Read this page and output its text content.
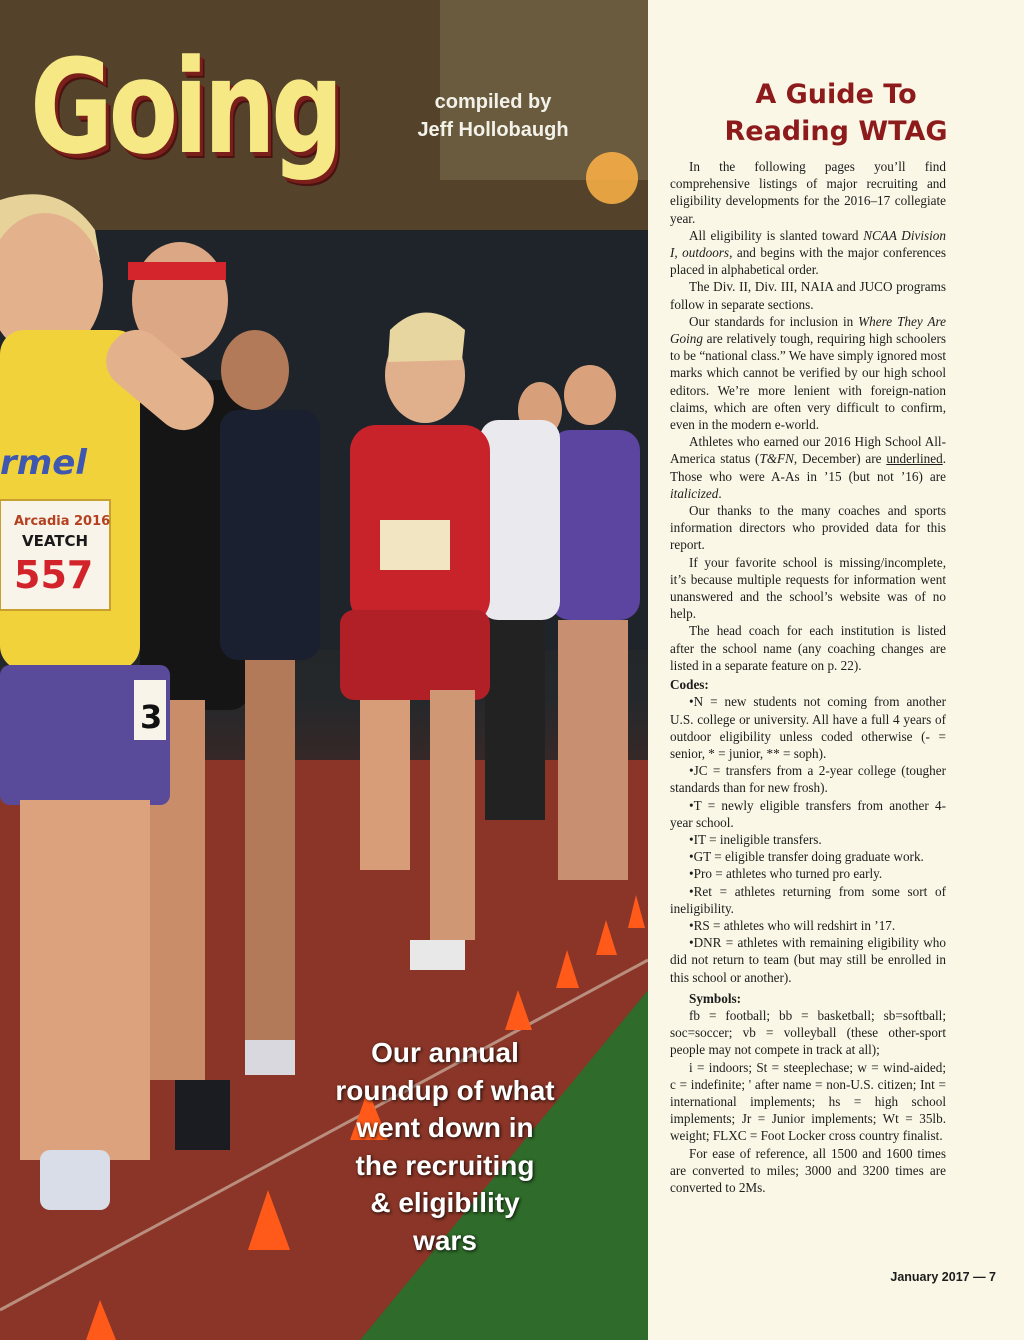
rmel
Arcadia 2016
VEATCH
557
3
Going	compiled by
Jeff Hollobaugh
Our annual
roundup of what
went down in
the recruiting
& eligibility
wars
A Guide To
Reading WTAG

In the following pages you’ll find comprehensive listings of major recruiting and eligibility developments for the 2016–17 collegiate year.

All eligibility is slanted toward NCAA Division I, outdoors, and begins with the major conferences placed in alphabetical order.

The Div. II, Div. III, NAIA and JUCO programs follow in separate sections.

Our standards for inclusion in Where They Are Going are relatively tough, requiring high schoolers to be “national class.” We have simply ignored most marks which cannot be verified by our high school editors. We’re more lenient with foreign-nation claims, which are often very difficult to confirm, even in the modern e-world.

Athletes who earned our 2016 High School All-America status (T&FN, December) are underlined. Those who were A-As in ’15 (but not ’16) are italicized.

Our thanks to the many coaches and sports information directors who provided data for this report.

If your favorite school is missing/incomplete, it’s because multiple requests for information went unanswered and the school’s website was of no help.

The head coach for each institution is listed after the school name (any coaching changes are listed in a separate feature on p. 22).

Codes:

•N = new students not coming from another U.S. college or university. All have a full 4 years of outdoor eligibility unless coded otherwise (- = senior, * = junior, ** = soph).

•JC = transfers from a 2-year college (tougher standards than for new frosh).

•T = newly eligible transfers from another 4-year school.

•IT = ineligible transfers.

•GT = eligible transfer doing graduate work.

•Pro = athletes who turned pro early.

•Ret = athletes returning from some sort of ineligibility.

•RS = athletes who will redshirt in ’17.

•DNR = athletes with remaining eligibility who did not return to team (but may still be enrolled in this school or another).

Symbols:

fb = football; bb = basketball; sb=softball; soc=soccer; vb = volleyball (these other-sport people may not compete in track at all);

i = indoors; St = steeplechase; w = wind-aided; c = indefinite; ' after name = non-U.S. citizen; Int = international implements; hs = high school implements; Jr = Junior implements; Wt = 35lb. weight; FLXC = Foot Locker cross country finalist.

For ease of reference, all 1500 and 1600 times are converted to miles; 3000 and 3200 times are converted to 2Ms.

January 2017 — 7
